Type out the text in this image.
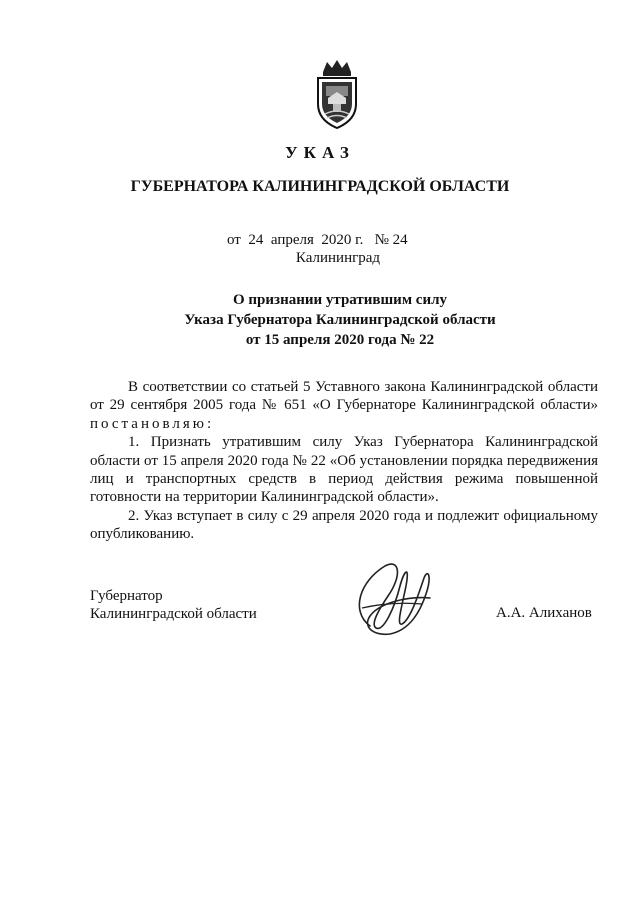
УКАЗ
ГУБЕРНАТОРА КАЛИНИНГРАДСКОЙ ОБЛАСТИ
от 24 апреля 2020 г. № 24
Калининград
О признании утратившим силу
Указа Губернатора Калининградской области
от 15 апреля 2020 года № 22

В соответствии со статьей 5 Уставного закона Калининградской области от 29 сентября 2005 года № 651 «О Губернаторе Калининградской области» постановляю:

1. Признать утратившим силу Указ Губернатора Калининградской области от 15 апреля 2020 года № 22 «Об установлении порядка передвижения лиц и транспортных средств в период действия режима повышенной готовности на территории Калининградской области».

2. Указ вступает в силу с 29 апреля 2020 года и подлежит официальному опубликованию.

Губернатор
Калининградской области	А.А. Алиханов
